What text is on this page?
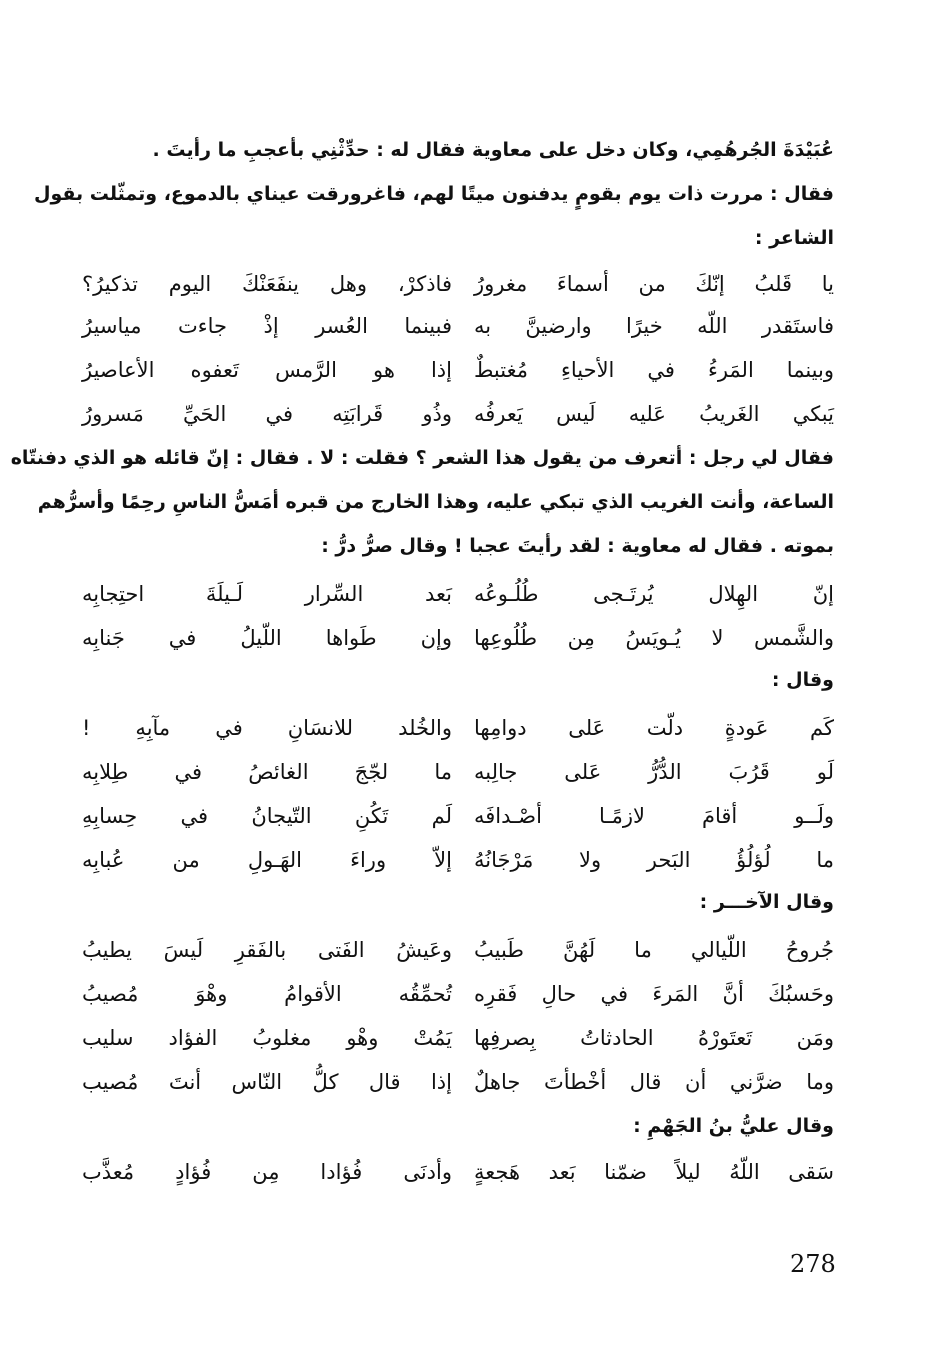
عُبَيْدَةَ الجُرهُمِي، وكان دخل على معاوية فقال له : حدِّثْنِي بأعجبِ ما رأيتَ .
فقال : مررت ذات يوم بقومٍ يدفنون ميتًا لهم، فاغرورقت عيناي بالدموع، وتمثّلت بقول
الشاعر :
يا قَلبُ إنّكَ من أسماءَ مغرورُ
فاذكرْ، وهل ينفَعَنْكَ اليوم تذكيرُ؟
فاستَقدر اللّه خيرًا وارضينَّ به
فبينما العُسر إذْ جاءت مياسيرُ
وبينما المَرءُ في الأحياءِ مُغتبطٌ
إذا هو الرَّمس تَعفوه الأعاصيرُ
يَبكي الغَريبُ عَليه لَيس يَعرفُه
وذُو قَرابَتِه في الحَيِّ مَسرورُ
فقال لي رجل : أتعرف من يقول هذا الشعر ؟ فقلت : لا . فقال : إنّ قائله هو الذي دفنتّاه
الساعة، وأنت الغريب الذي تبكي عليه، وهذا الخارج من قبره أمَسُّ الناسِ رحِمًا وأسرُّهم
بموته . فقال له معاوية : لقد رأيتَ عجبا ! وقال صرُّ درُّ :
إنّ الهِلال يُرتَـجى طُلُـوعُه
بَعد السِّرار لَـيلَةَ احتِجابِه
والشَّمس لا يُـويَسُ مِن طُلُوعِها
وإن طَواها اللّيلُ في جَنابِه
وقال :
كَم عَودةٍ دلّت عَلى دوامِها
والخُلد للانسَانِ في مآبِهِ !
لَو قَرُبَ الدُّرُّ عَلى جالِبه
ما لجّجَ الغائصُ في طِلابِه
ولَــو أقامَ لازمًـا أصْـدافَه
لَم تَكُنِ التّيجانُ في حِسابِهِ
ما لُؤلُؤُ البَحر ولا مَرْجَانُهُ
إلاّ وراءَ الهَـولِ من عُبابِه
وقال الآخـــر :
جُروحُ اللّيالي ما لَهُنَّ طَبيبُ
وعَيشُ الفَتى بالفَقرِ لَيسَ يطيبُ
وحَسبُكَ أنَّ المَرءَ في حالِ فَقرِه
تُحمِّقُه الأقوامُ وهْوَ مُصيبُ
ومَن تَعتَورْهُ الحادثاتُ بِصرفِها
يَمُتْ وهْو مغلوبُ الفؤاد سليب
وما ضرَّني أن قال أخْطأتَ جاهلٌ
إذا قال كلُّ النّاس أنتَ مُصيب
وقال عليُّ بنُ الجَهْمِ :
سَقى اللّهُ ليلاً ضمّنا بَعد هَجعةٍ
وأدنَى فُؤادا مِن فُؤادٍ مُعذَّب
278
